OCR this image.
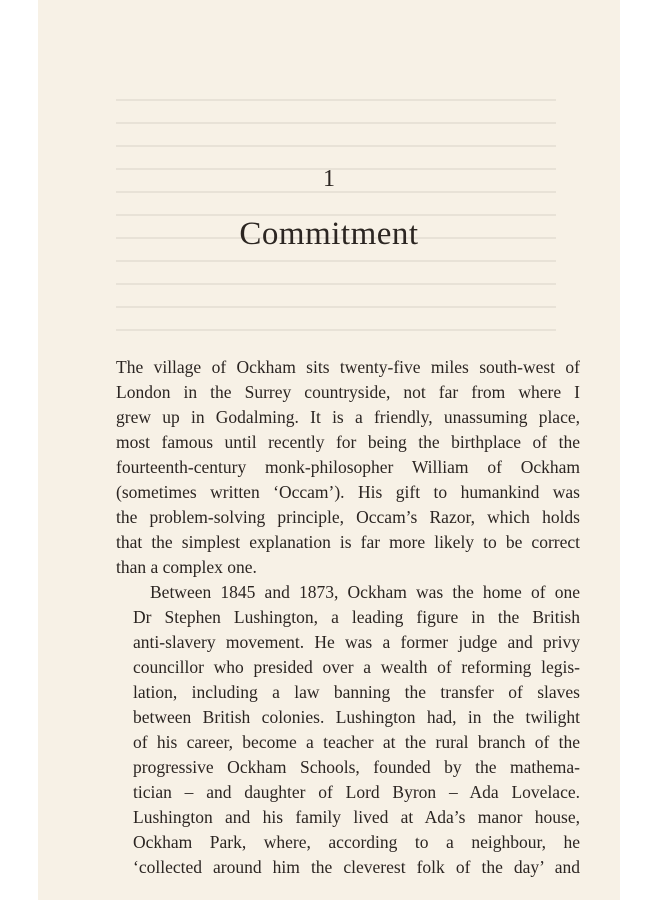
1
Commitment

The village of Ockham sits twenty-five miles south-west of
London in the Surrey countryside, not far from where I
grew up in Godalming. It is a friendly, unassuming place,
most famous until recently for being the birthplace of the
fourteenth-century monk-philosopher William of Ockham
(sometimes written ‘Occam’). His gift to humankind was
the problem-solving principle, Occam’s Razor, which holds
that the simplest explanation is far more likely to be correct
than a complex one.

Between 1845 and 1873, Ockham was the home of one
Dr Stephen Lushington, a leading figure in the British
anti-slavery movement. He was a former judge and privy
councillor who presided over a wealth of reforming legis-
lation, including a law banning the transfer of slaves
between British colonies. Lushington had, in the twilight
of his career, become a teacher at the rural branch of the
progressive Ockham Schools, founded by the mathema-
tician – and daughter of Lord Byron – Ada Lovelace.
Lushington and his family lived at Ada’s manor house,
Ockham Park, where, according to a neighbour, he
‘collected around him the cleverest folk of the day’ and
